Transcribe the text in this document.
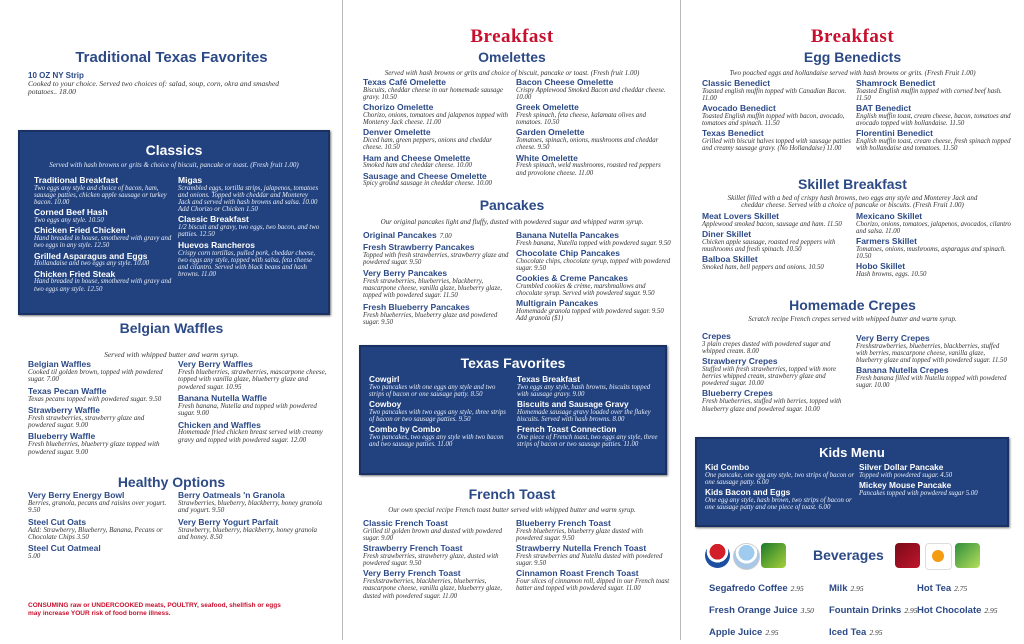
Traditional Texas Favorites
10 OZ NY Strip
Cooked to your choice. Served two choices of: salad, soup, corn, okra and smashed potatoes.. 18.00
Classics
Served with hash browns or grits & choice of biscuit, pancake or toast. (Fresh fruit 1.00)
Traditional Breakfast
Two eggs any style and choice of bacon, ham, sausage patties, chicken apple sausage or turkey bacon. 10.00
Corned Beef Hash
Two eggs any style. 10.50
Chicken Fried Chicken
Hand breaded in house, smothered with gravy and two eggs in any style. 12.50
Grilled Asparagus and Eggs
Hollandaise and two eggs any style. 10.00
Chicken Fried Steak
Hand breaded in house, smothered with gravy and two eggs any style. 12.50
Migas
Scrambled eggs, tortilla strips, jalapenos, tomatoes and onions. Topped with cheddar and Monterey Jack and served with hash browns and salsa. 10.00 Add Chorizo or Chicken 1.50
Classic Breakfast
1/2 biscuit and gravy, two eggs, two bacon, and two patties. 12.50
Huevos Rancheros
Crispy corn tortillas, pulled pork, cheddar cheese, two eggs any style, topped with salsa, feta cheese and cilantro. Served with black beans and hash browns. 11.00
Belgian Waffles
Served with whipped butter and warm syrup.
Belgian Waffles
Cooked til golden brown, topped with powdered sugar. 7.00
Texas Pecan Waffle
Texas pecans topped with powdered sugar. 9.50
Strawberry Waffle
Fresh strawberries, strawberry glaze and powdered sugar. 9.00
Blueberry Waffle
Fresh blueberries, blueberry glaze topped with powdered sugar. 9.00
Very Berry Waffles
Fresh blueberries, strawberries, mascarpone cheese, topped with vanilla glaze, blueberry glaze and powdered sugar. 10.95
Banana Nutella Waffle
Fresh banana, Nutella and topped with powdered sugar. 9.00
Chicken and Waffles
Homemade fried chicken breast served with creamy gravy and topped with powdered sugar. 12.00
Healthy Options
Very Berry Energy Bowl
Berries, granola, pecans and raisins over yogurt. 9.50
Steel Cut Oats
Add: Strawberry, Blueberry, Banana, Pecans or Chocolate Chips 3.50
Steel Cut Oatmeal
5.00
Berry Oatmeals 'n Granola
Strawberries, blueberry, blackberry, honey granola and yogurt. 9.50
Very Berry Yogurt Parfait
Strawberry, blueberry, blackberry, honey granola and honey. 8.50
CONSUMING raw or UNDERCOOKED meats, POULTRY, seafood, shellfish or eggs may increase YOUR risk of food borne illness.
Breakfast
Omelettes
Served with hash browns or grits and choice of biscuit, pancake or toast. (Fresh fruit 1.00)
Texas Café Omelette
Biscuits, cheddar cheese in our homemade sausage gravy. 10.50
Chorizo Omelette
Chorizo, onions, tomatoes and jalapenos topped with Monterey Jack cheese. 11.00
Denver Omelette
Diced ham, green peppers, onions and cheddar cheese. 10.50
Ham and Cheese Omelette
Smoked ham and cheddar cheese. 10.00
Sausage and Cheese Omelette
Spicy ground sausage in cheddar cheese. 10.00
Bacon Cheese Omelette
Crispy Applewood Smoked Bacon and cheddar cheese. 10.00
Greek Omelette
Fresh spinach, feta cheese, kalamata olives and tomatoes. 10.50
Garden Omelette
Tomatoes, spinach, onions, mushrooms and cheddar cheese. 9.50
White Omelette
Fresh spinach, weld mushrooms, roasted red peppers and provolone cheese. 11.00
Pancakes
Our original pancakes light and fluffy, dusted with powdered sugar and whipped warm syrup.
Original Pancakes 7.00
Fresh Strawberry Pancakes
Topped with fresh strawberries, strawberry glaze and powdered sugar. 9.50
Very Berry Pancakes
Fresh strawberries, blueberries, blackberry, mascarpone cheese, vanilla glaze, blueberry glaze, topped with powdered sugar. 11.50
Fresh Blueberry Pancakes
Fresh blueberries, blueberry glaze and powdered sugar. 9.50
Banana Nutella Pancakes
Fresh banana, Nutella topped with powdered sugar. 9.50
Chocolate Chip Pancakes
Chocolate chips, chocolate syrup, topped with powdered sugar. 9.50
Cookies & Creme Pancakes
Crumbled cookies & crème, marshmallows and chocolate syrup. Served with powdered sugar. 9.50
Multigrain Pancakes
Homemade granola topped with powdered sugar. 9.50 Add granola ($1)
Texas Favorites
Cowgirl
Two pancakes with one eggs any style and two strips of bacon or one sausage patty. 8.50
Cowboy
Two pancakes with two eggs any style, three strips of bacon or two sausage patties. 9.50
Combo by Combo
Two pancakes, two eggs any style with two bacon and two sausage patties. 11.00
Texas Breakfast
Two eggs any style, hash browns, biscuits topped with sausage gravy. 9.00
Biscuits and Sausage Gravy
Homemade sausage gravy loaded over the flakey biscuits. Served with hash browns. 8.00
French Toast Connection
One piece of French toast, two eggs any style, three strips of bacon or two sausage patties. 11.00
French Toast
Our own special recipe French toast butter served with whipped butter and warm syrup.
Classic French Toast
Grilled til golden brown and dusted with powdered sugar. 9.00
Strawberry French Toast
Fresh strawberries, strawberry glaze, dusted with powdered sugar. 9.50
Very Berry French Toast
Freshstrawberries, blackberries, blueberries, mascarpone cheese, vanilla glaze, blueberry glaze, dusted with powdered sugar. 11.00
Blueberry French Toast
Fresh blueberries, blueberry glaze dusted with powdered sugar. 9.50
Strawberry Nutella French Toast
Fresh strawberries and Nutella dusted with powdered sugar. 9.50
Cinnamon Roast French Toast
Four slices of cinnamon roll, dipped in our French toast batter and topped with powdered sugar. 11.00
Breakfast
Egg Benedicts
Two poached eggs and hollandaise served with hash browns or grits. (Fresh Fruit 1.00)
Classic Benedict
Toasted english muffin topped with Canadian Bacon. 11.00
Avocado Benedict
Toasted English muffin topped with bacon, avocado, tomatoes and spinach. 11.50
Texas Benedict
Grilled with biscuit halves topped with sausage patties and creamy sausage gravy. (No Hollandaise) 11.00
Shamrock Benedict
Toasted English muffin topped with corned beef hash. 11.50
BAT Benedict
English muffin toast, cream cheese, bacon, tomatoes and avocado topped with hollandaise. 11.50
Florentini Benedict
English muffin toast, cream cheese, fresh spinach topped with hollandaise and tomatoes. 11.50
Skillet Breakfast
Skillet filled with a bed of crispy hash browns, two eggs any style and Monterey Jack and cheddar cheese. Served with a choice of pancake or biscuits. (Fresh Fruit 1.00)
Meat Lovers Skillet
Applewood smoked bacon, sausage and ham. 11.50
Diner Skillet
Chicken apple sausage, roasted red peppers with mushrooms and fresh spinach. 10.50
Balboa Skillet
Smoked ham, bell peppers and onions. 10.50
Mexicano Skillet
Chorizo, onions, tomatoes, jalapenos, avocados, cilantro and salsa. 11.00
Farmers Skillet
Tomatoes, onions, mushrooms, asparagus and spinach. 10.50
Hobo Skillet
Hash browns, eggs. 10.50
Homemade Crepes
Scratch recipe French crepes served with whipped butter and warm syrup.
Crepes
3 plain crepes dusted with powdered sugar and whipped cream. 8.00
Strawberry Crepes
Stuffed with fresh strawberries, topped with more berries whipped cream, strawberry glaze and powdered sugar. 10.00
Blueberry Crepes
Fresh blueberries, stuffed with berries, topped with blueberry glaze and powdered sugar. 10.00
Very Berry Crepes
Freshstrawberries, blueberries, blackberries, stuffed with berries, mascarpone cheese, vanilla glaze, blueberry glaze and topped with powdered sugar. 11.50
Banana Nutella Crepes
Fresh banana filled with Nutella topped with powdered sugar. 10.00
Kids Menu
Kid Combo
One pancake, one egg any style, two strips of bacon or one sausage patty. 6.00
Kids Bacon and Eggs
One egg any style, hash brown, two strips of bacon or one sausage patty and one piece of toast. 6.00
Silver Dollar Pancake
Topped with powdered sugar. 4.50
Mickey Mouse Pancake
Pancakes topped with powdered sugar 5.00
Beverages
Segafredo Coffee 2.95
Fresh Orange Juice 3.50
Apple Juice 2.95
Milk 2.95
Fountain Drinks 2.95
Iced Tea 2.95
Hot Tea 2.75
Hot Chocolate 2.95
